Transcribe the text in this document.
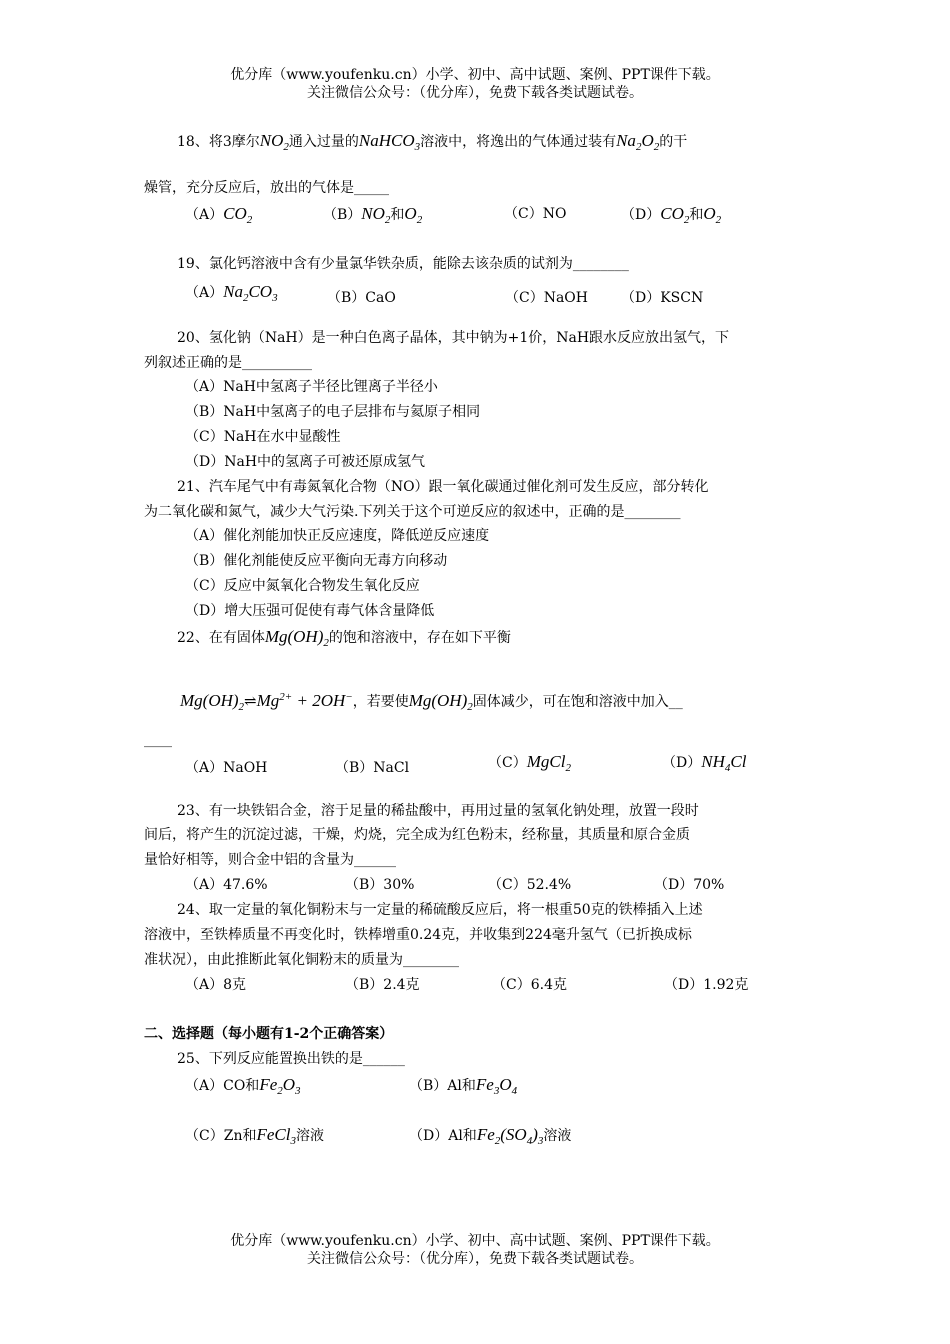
优分库（www.youfenku.cn）小学、初中、高中试题、案例、PPT课件下载。
关注微信公众号：（优分库），免费下载各类试题试卷。
18、将3摩尔$NO_2$通入过量的NaHCO$_3$溶液中，将逸出的气体通过装有$Na_2O_2$的干
燥管，充分反应后，放出的气体是_____
$(A)CO_2$	$(B)NO_2$和$O_2$	（C）NO	$(D)CO_2$和$O_2$
19、氯化钙溶液中含有少量氯华铁杂质，能除去该杂质的试剂为________
$(A)Na_2CO_3$	（B）CaO	（C）NaOH （D）KSCN
20、氢化钠（NaH）是一种白色离子晶体，其中钠为+1价，NaH跟水反应放出氢气，下
列叙述正确的是__________
（A）NaH中氢离子半径比锂离子半径小
（B）NaH中氢离子的电子层排布与氦原子相同
（C）NaH在水中显酸性
（D）NaH中的氢离子可被还原成氢气
21、汽车尾气中有毒氮氧化合物（NO）跟一氧化碳通过催化剂可发生反应，部分转化
为二氧化碳和氮气，减少大气污染.下列关于这个可逆反应的叙述中，正确的是________
（A）催化剂能加快正反应速度，降低逆反应速度
（B）催化剂能使反应平衡向无毒方向移动
（C）反应中氮氧化合物发生氧化反应
（D）增大压强可促使有毒气体含量降低
22、在有固体$Mg(OH)_2$的饱和溶液中，存在如下平衡
$Mg(OH)_2\rightleftharpoons Mg^{2+} + 2OH^-$，若要使$Mg(OH)_2$固体减少，可在饱和溶液中加入__
____
（A）NaOH	（B）NaCl	（C）MgCl$_2$	$(D)NH_4Cl$
23、有一块铁铝合金，溶于足量的稀盐酸中，再用过量的氢氧化钠处理，放置一段时
间后，将产生的沉淀过滤，干燥，灼烧，完全成为红色粉末，经称量，其质量和原合金质
量恰好相等，则合金中铝的含量为______
（A）47.6%	（B）30%	（C）52.4%	（D）70%
24、取一定量的氧化铜粉末与一定量的稀硫酸反应后，将一根重50克的铁棒插入上述
溶液中，至铁棒质量不再变化时，铁棒增重0.24克，并收集到224毫升氢气（已折换成标
准状况），由此推断此氧化铜粉末的质量为________
（A）8克	（B）2.4克	（C）6.4克	（D）1.92克
二、选择题（每小题有1-2个正确答案）
25、下列反应能置换出铁的是______
（A）CO和$Fe_2O_3$	（B）Al和$Fe_3O_4$
（C）Zn和FeCl$_3$溶液	（D）Al和$Fe_2(SO_4)_3$溶液
优分库（www.youfenku.cn）小学、初中、高中试题、案例、PPT课件下载。
关注微信公众号：（优分库），免费下载各类试题试卷。
